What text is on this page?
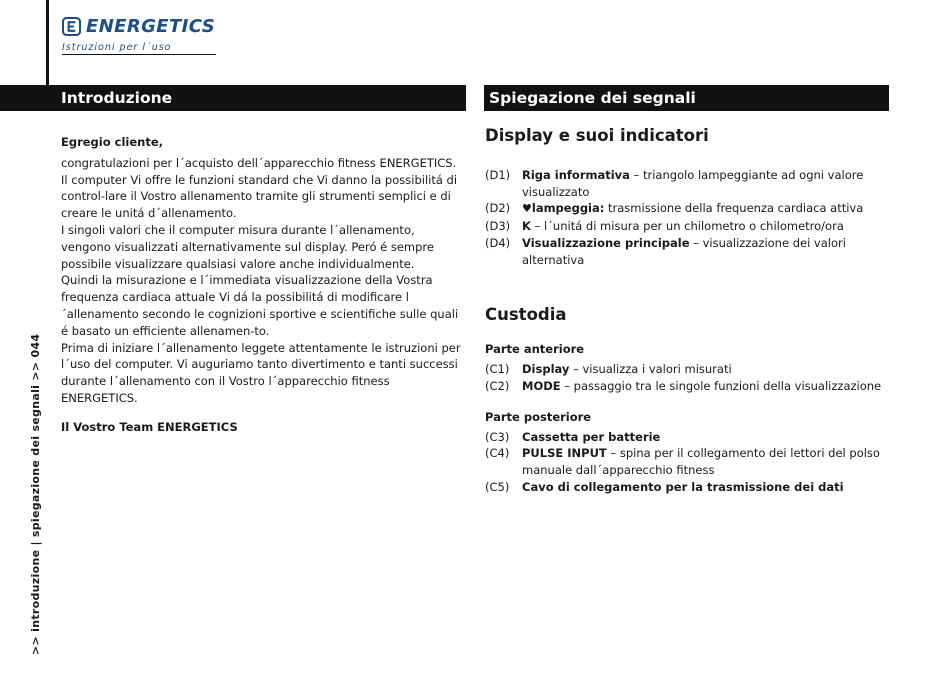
ENERGETICS
Istruzioni per l´uso
Introduzione	Spiegazione dei segnali
Egregio cliente,

congratulazioni per l´acquisto dell´apparecchio fitness ENERGETICS.

Il computer Vi offre le funzioni standard che Vi danno la possibilitá di control-lare il Vostro allenamento tramite gli strumenti semplici e di creare le unitá d´allenamento.

I singoli valori che il computer misura durante l´allenamento, vengono visualizzati alternativamente sul display. Peró é sempre possibile visualizzare qualsiasi valore anche individualmente.

Quindi la misurazione e l´immediata visualizzazione della Vostra frequenza cardiaca attuale Vi dá la possibilitá di modificare l´allenamento secondo le cognizioni sportive e scientifiche sulle quali é basato un efficiente allenamen-to.

Prima di iniziare l´allenamento leggete attentamente le istruzioni per l´uso del computer. Vi auguriamo tanto divertimento e tanti successi durante l´allenamento con il Vostro l´apparecchio fitness ENERGETICS.

Il Vostro Team ENERGETICS
Display e suoi indicatori
(D1)	Riga informativa – triangolo lampeggiante ad ogni valore visualizzato
(D2)	♥lampeggia: trasmissione della frequenza cardiaca attiva
(D3)	K – l´unitá di misura per un chilometro o chilometro/ora
(D4)	Visualizzazione principale – visualizzazione dei valori alternativa
Custodia
Parte anteriore
(C1)	Display – visualizza i valori misurati
(C2)	MODE – passaggio tra le singole funzioni della visualizzazione
Parte posteriore
(C3)	Cassetta per batterie
(C4)	PULSE INPUT – spina per il collegamento dei lettori del polso manuale dall´apparecchio fitness
(C5)	Cavo di collegamento per la trasmissione dei dati
>> introduzione | spiegazione dei segnali >> 044
